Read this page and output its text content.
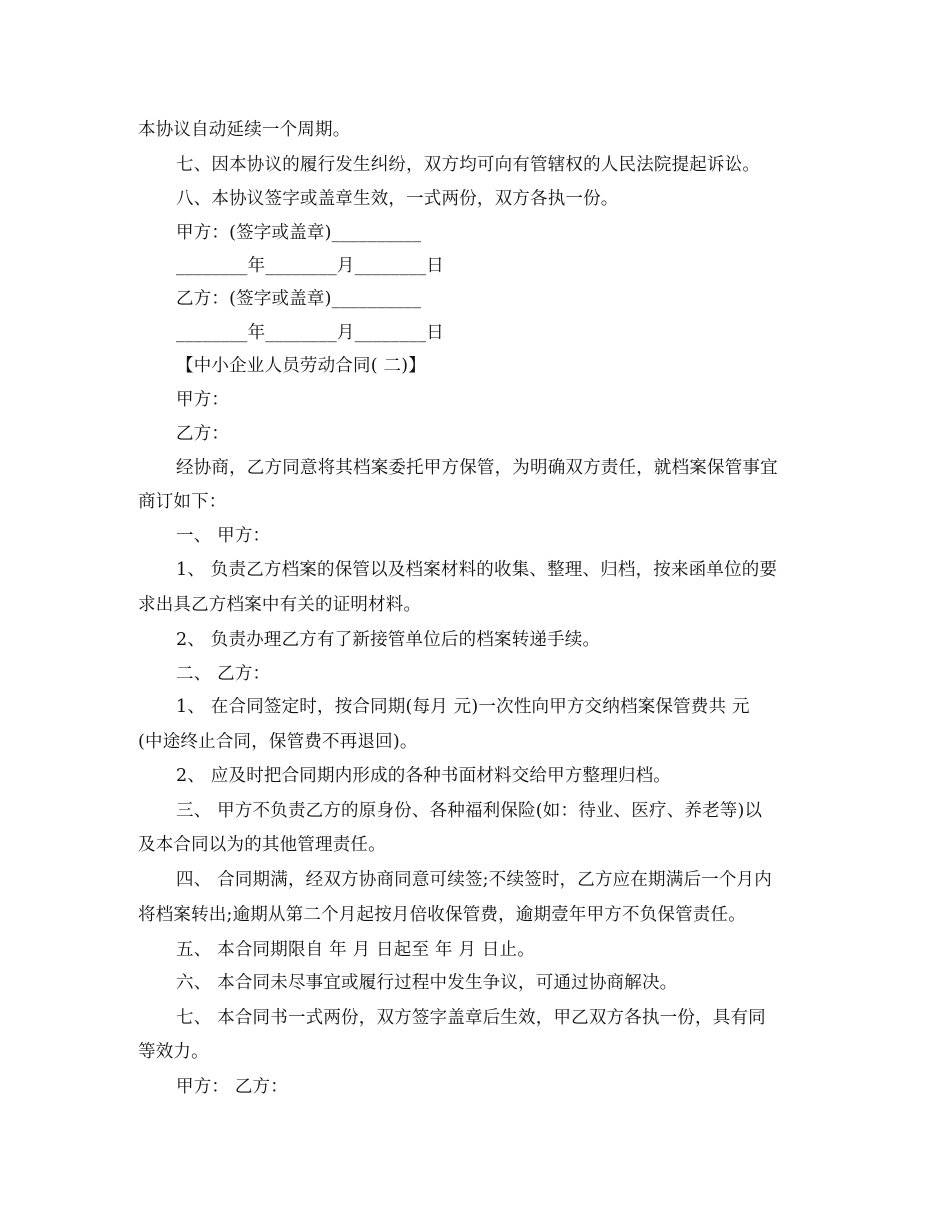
本协议自动延续一个周期。
七、因本协议的履行发生纠纷，双方均可向有管辖权的人民法院提起诉讼。
八、本协议签字或盖章生效，一式两份，双方各执一份。
甲方：(签字或盖章)__________
________年________月________日
乙方：(签字或盖章)__________
________年________月________日
【中小企业人员劳动合同( 二)】
甲方：
乙方：
经协商，乙方同意将其档案委托甲方保管，为明确双方责任，就档案保管事宜
商订如下：
一、 甲方：
1、 负责乙方档案的保管以及档案材料的收集、整理、归档，按来函单位的要
求出具乙方档案中有关的证明材料。
2、 负责办理乙方有了新接管单位后的档案转递手续。
二、 乙方：
1、 在合同签定时，按合同期(每月 元)一次性向甲方交纳档案保管费共 元
(中途终止合同，保管费不再退回)。
2、 应及时把合同期内形成的各种书面材料交给甲方整理归档。
三、 甲方不负责乙方的原身份、各种福利保险(如：待业、医疗、养老等)以
及本合同以为的其他管理责任。
四、 合同期满，经双方协商同意可续签;不续签时，乙方应在期满后一个月内
将档案转出;逾期从第二个月起按月倍收保管费，逾期壹年甲方不负保管责任。
五、 本合同期限自 年 月 日起至 年 月 日止。
六、 本合同未尽事宜或履行过程中发生争议，可通过协商解决。
七、 本合同书一式两份，双方签字盖章后生效，甲乙双方各执一份，具有同
等效力。
甲方： 乙方：
